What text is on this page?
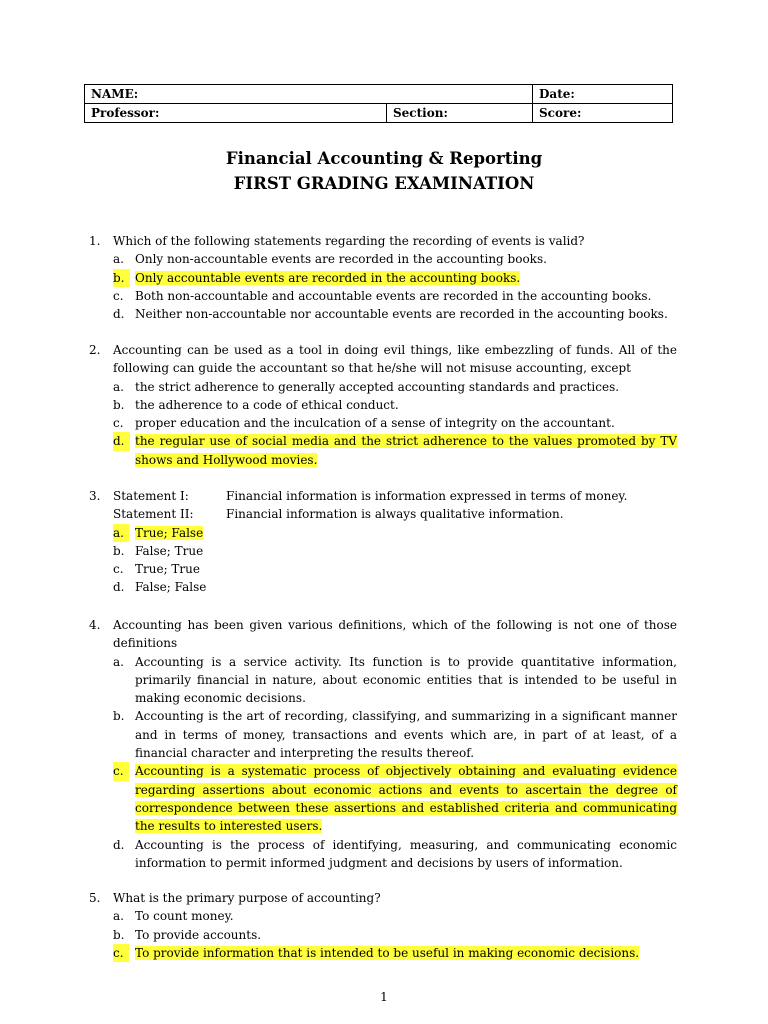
NAME:		Date:
Professor:	Section:	Score:
Financial Accounting & Reporting
FIRST GRADING EXAMINATION
1. Which of the following statements regarding the recording of events is valid?
a. Only non-accountable events are recorded in the accounting books.
b. Only accountable events are recorded in the accounting books.
c. Both non-accountable and accountable events are recorded in the accounting books.
d. Neither non-accountable nor accountable events are recorded in the accounting books.
2. Accounting can be used as a tool in doing evil things, like embezzling of funds. All of the following can guide the accountant so that he/she will not misuse accounting, except
a. the strict adherence to generally accepted accounting standards and practices.
b. the adherence to a code of ethical conduct.
c. proper education and the inculcation of a sense of integrity on the accountant.
d. the regular use of social media and the strict adherence to the values promoted by TV shows and Hollywood movies.
3. Statement I:	Financial information is information expressed in terms of money.
Statement II:	Financial information is always qualitative information.
a. True; False
b. False; True
c. True; True
d. False; False
4. Accounting has been given various definitions, which of the following is not one of those definitions
a. Accounting is a service activity. Its function is to provide quantitative information, primarily financial in nature, about economic entities that is intended to be useful in making economic decisions.
b. Accounting is the art of recording, classifying, and summarizing in a significant manner and in terms of money, transactions and events which are, in part of at least, of a financial character and interpreting the results thereof.
c. Accounting is a systematic process of objectively obtaining and evaluating evidence regarding assertions about economic actions and events to ascertain the degree of correspondence between these assertions and established criteria and communicating the results to interested users.
d. Accounting is the process of identifying, measuring, and communicating economic information to permit informed judgment and decisions by users of information.
5. What is the primary purpose of accounting?
a. To count money.
b. To provide accounts.
c. To provide information that is intended to be useful in making economic decisions.
1
